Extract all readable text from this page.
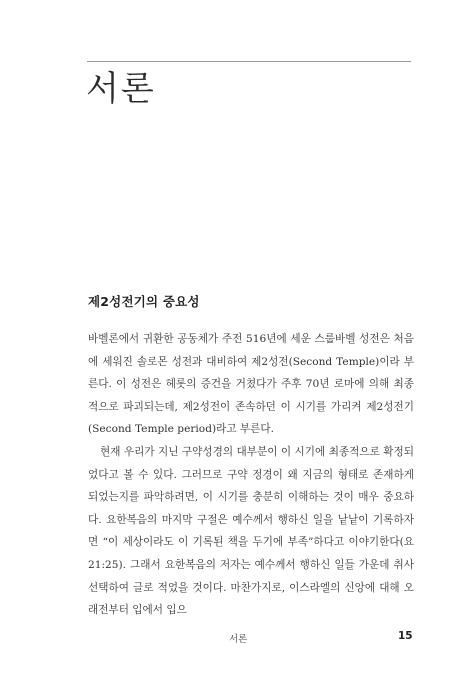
서론
제2성전기의 중요성

바벨론에서 귀환한 공동체가 주전 516년에 세운 스룹바벨 성전은 처음에 세워진 솔로몬 성전과 대비하여 제2성전(Second Temple)이라 부른다. 이 성전은 헤롯의 증건을 거쳤다가 주후 70년 로마에 의해 최종적으로 파괴되는데, 제2성전이 존속하던 이 시기를 가리켜 제2성전기(Second Temple period)라고 부른다.

현재 우리가 지닌 구약성경의 대부분이 이 시기에 최종적으로 확정되었다고 볼 수 있다. 그러므로 구약 정경이 왜 지금의 형태로 존재하게 되었는지를 파악하려면, 이 시기를 충분히 이해하는 것이 매우 중요하다. 요한복음의 마지막 구절은 예수께서 행하신 일을 낱낱이 기록하자면 “이 세상이라도 이 기록된 책을 두기에 부족”하다고 이야기한다(요 21:25). 그래서 요한복음의 저자는 예수께서 행하신 일들 가운데 취사선택하여 글로 적었을 것이다. 마찬가지로, 이스라엘의 신앙에 대해 오래전부터 입에서 입으

서론	15
